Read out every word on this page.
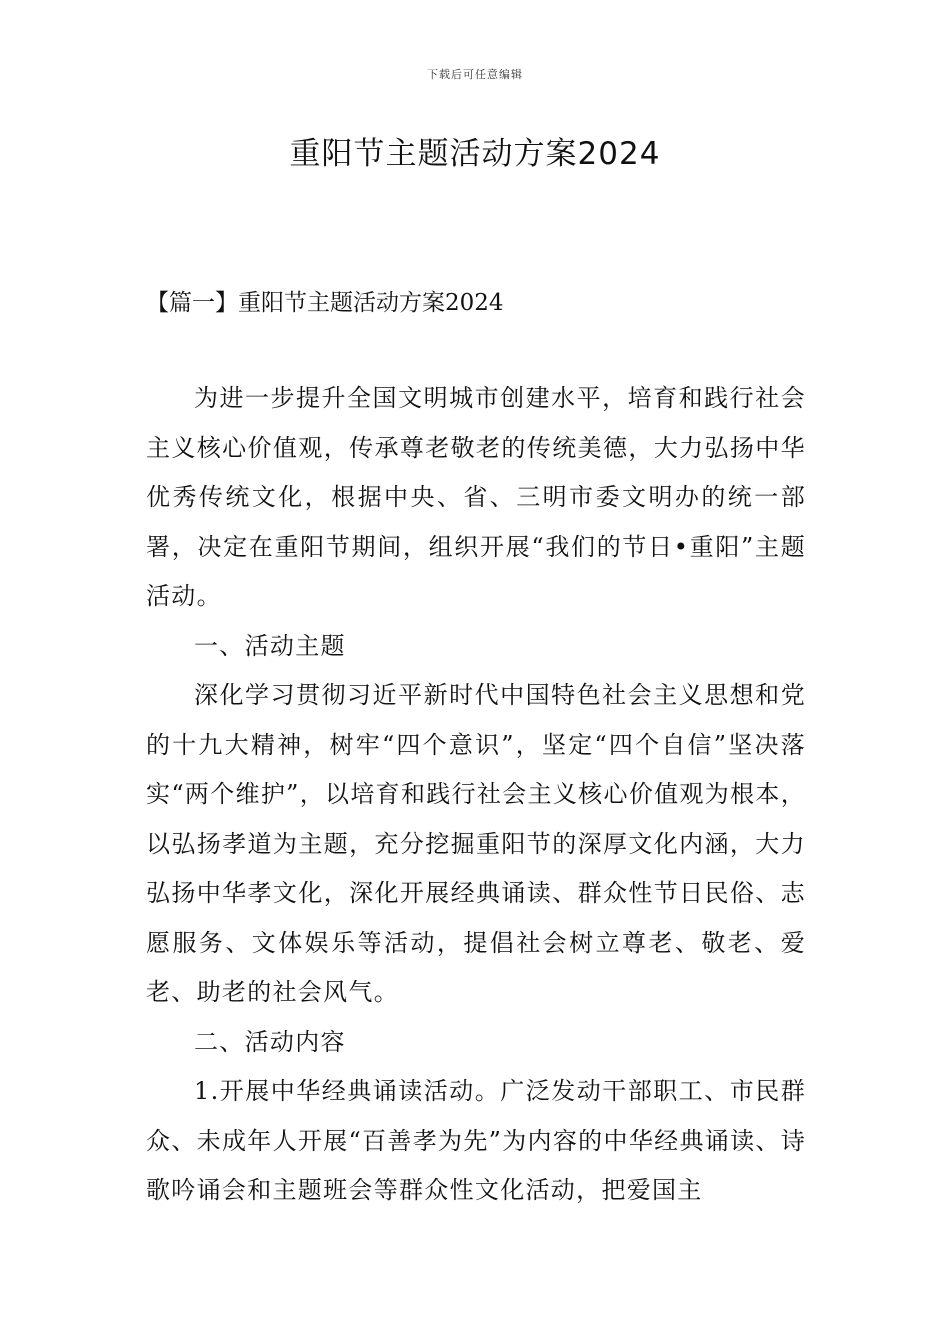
下载后可任意编辑
重阳节主题活动方案2024
【篇一】重阳节主题活动方案2024

为进一步提升全国文明城市创建水平，培育和践行社会主义核心价值观，传承尊老敬老的传统美德，大力弘扬中华优秀传统文化，根据中央、省、三明市委文明办的统一部署，决定在重阳节期间，组织开展“我们的节日•重阳”主题活动。

一、活动主题

深化学习贯彻习近平新时代中国特色社会主义思想和党的十九大精神，树牢“四个意识”，坚定“四个自信”坚决落实“两个维护”，以培育和践行社会主义核心价值观为根本，以弘扬孝道为主题，充分挖掘重阳节的深厚文化内涵，大力弘扬中华孝文化，深化开展经典诵读、群众性节日民俗、志愿服务、文体娱乐等活动，提倡社会树立尊老、敬老、爱老、助老的社会风气。

二、活动内容

1.开展中华经典诵读活动。广泛发动干部职工、市民群众、未成年人开展“百善孝为先”为内容的中华经典诵读、诗歌吟诵会和主题班会等群众性文化活动，把爱国主
